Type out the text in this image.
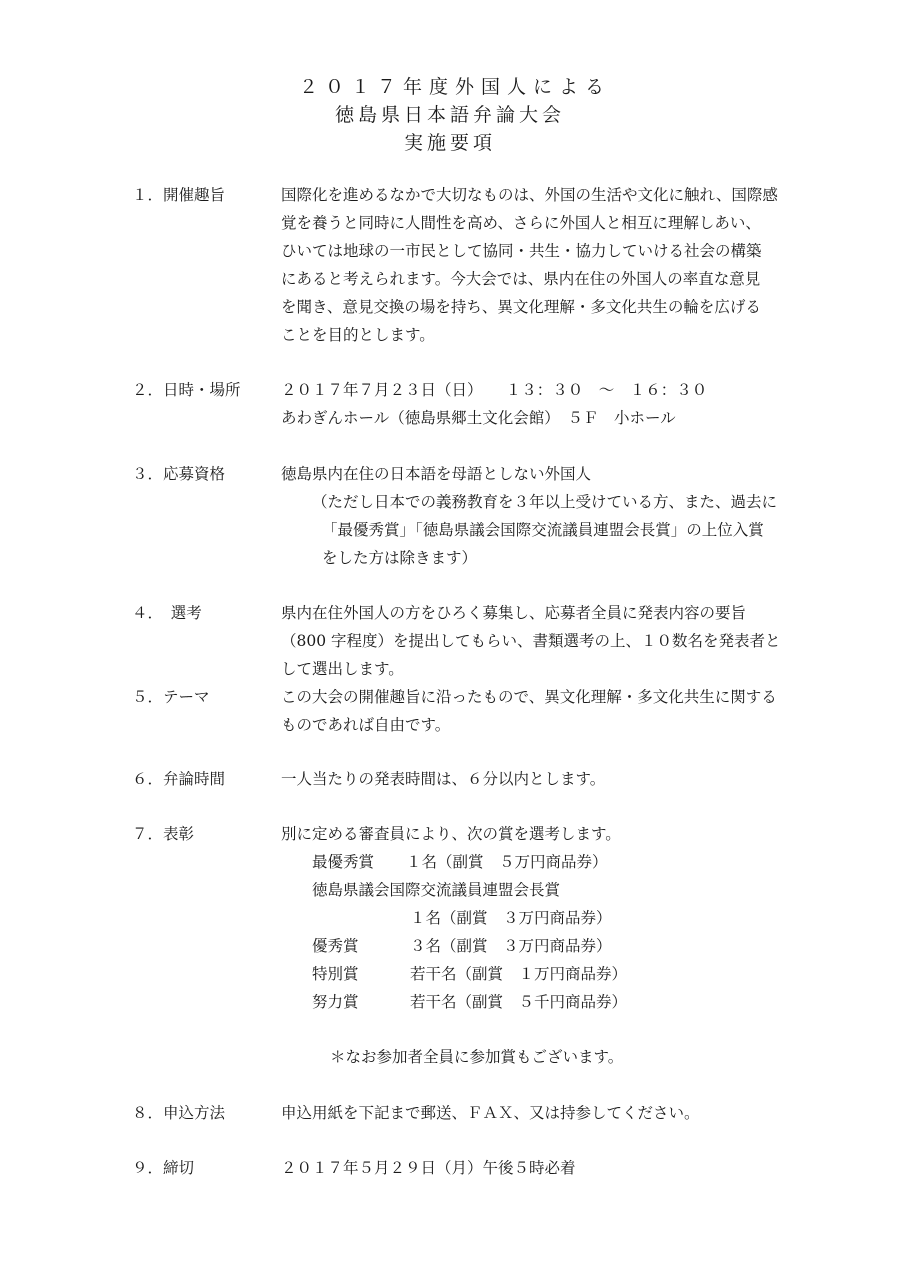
２０１７年度外国人による
徳島県日本語弁論大会
実施要項
１．開催趣旨	国際化を進めるなかで大切なものは、外国の生活や文化に触れ、国際感
覚を養うと同時に人間性を高め、さらに外国人と相互に理解しあい、
ひいては地球の一市民として協同・共生・協力していける社会の構築
にあると考えられます。今大会では、県内在住の外国人の率直な意見
を聞き、意見交換の場を持ち、異文化理解・多文化共生の輪を広げる
ことを目的とします。
２．日時・場所	２０１７年７月２３日（日）　　１３：３０　～　１６：３０
あわぎんホール（徳島県郷土文化会館）　５Ｆ　小ホール
３．応募資格	徳島県内在住の日本語を母語としない外国人
（ただし日本での義務教育を３年以上受けている方、また、過去に
「最優秀賞」「徳島県議会国際交流議員連盟会長賞」の上位入賞
をした方は除きます）
４．　選考	県内在住外国人の方をひろく募集し、応募者全員に発表内容の要旨
（800 字程度）を提出してもらい、書類選考の上、１０数名を発表者と
して選出します。
５．テーマ	この大会の開催趣旨に沿ったもので、異文化理解・多文化共生に関する
ものであれば自由です。
６．弁論時間	一人当たりの発表時間は、６分以内とします。
７．表彰	別に定める審査員により、次の賞を選考します。
最優秀賞 １名（副賞　５万円商品券）
徳島県議会国際交流議員連盟会長賞
１名（副賞　３万円商品券）
優秀賞	３名（副賞　３万円商品券）
特別賞	若干名（副賞　１万円商品券）
努力賞	若干名（副賞　５千円商品券）
＊なお参加者全員に参加賞もございます。
８．申込方法	申込用紙を下記まで郵送、ＦＡＸ、又は持参してください。
９．締切	２０１７年５月２９日（月）午後５時必着
